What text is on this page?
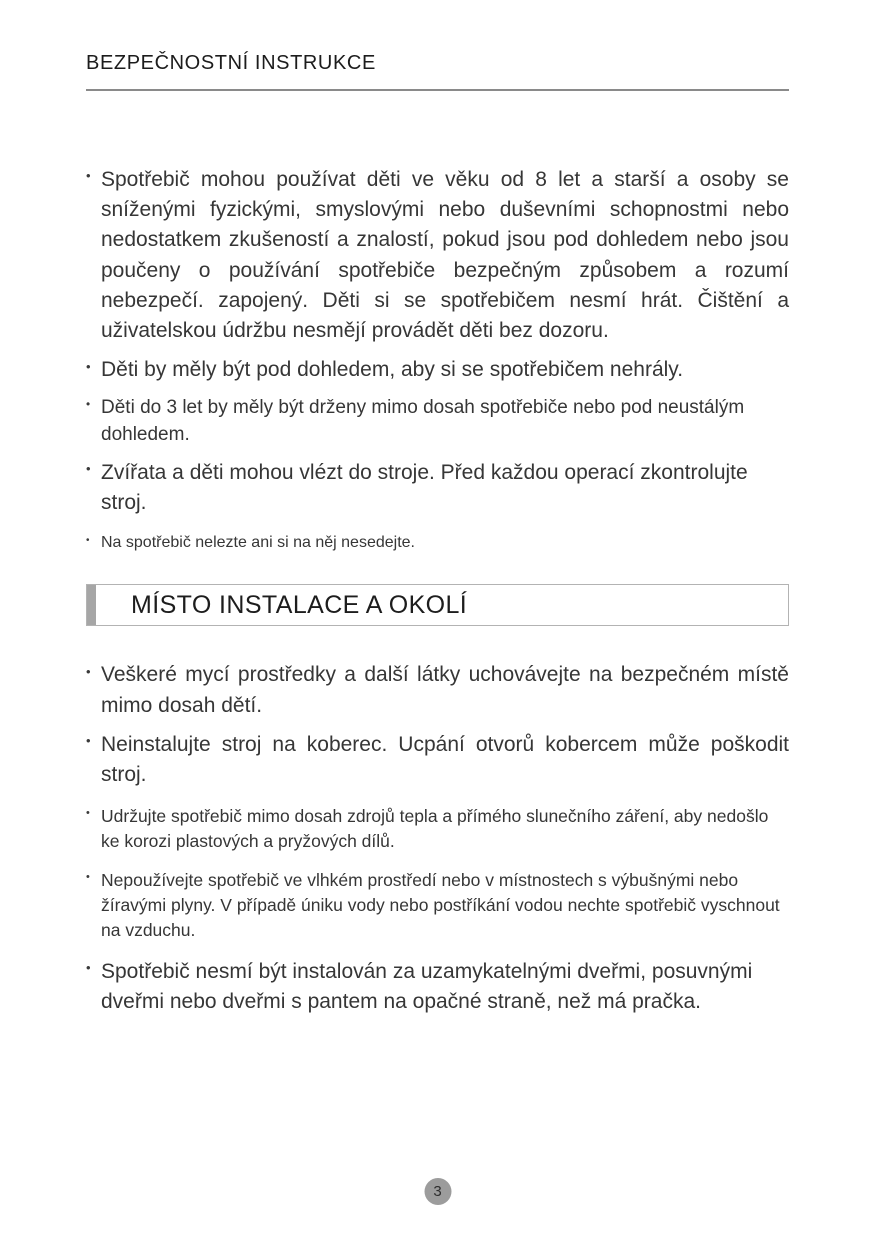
BEZPEČNOSTNÍ INSTRUKCE

• Spotřebič mohou používat děti ve věku od 8 let a starší a osoby se sníženými fyzickými, smyslovými nebo duševními schopnostmi nebo nedostatkem zkušeností a znalostí, pokud jsou pod dohledem nebo jsou poučeny o používání spotřebiče bezpečným způsobem a rozumí nebezpečí. zapojený. Děti si se spotřebičem nesmí hrát. Čištění a uživatelskou údržbu nesmějí provádět děti bez dozoru.

• Děti by měly být pod dohledem, aby si se spotřebičem nehrály.

• Děti do 3 let by měly být drženy mimo dosah spotřebiče nebo pod neustálým dohledem.

• Zvířata a děti mohou vlézt do stroje. Před každou operací zkontrolujte stroj.

• Na spotřebič nelezte ani si na něj nesedejte.

MÍSTO INSTALACE A OKOLÍ

• Veškeré mycí prostředky a další látky uchovávejte na bezpečném místě mimo dosah dětí.

• Neinstalujte stroj na koberec. Ucpání otvorů kobercem může poškodit stroj.

• Udržujte spotřebič mimo dosah zdrojů tepla a přímého slunečního záření, aby nedošlo ke korozi plastových a pryžových dílů.

• Nepoužívejte spotřebič ve vlhkém prostředí nebo v místnostech s výbušnými nebo žíravými plyny. V případě úniku vody nebo postříkání vodou nechte spotřebič vyschnout na vzduchu.

• Spotřebič nesmí být instalován za uzamykatelnými dveřmi, posuvnými dveřmi nebo dveřmi s pantem na opačné straně, než má pračka.

3
